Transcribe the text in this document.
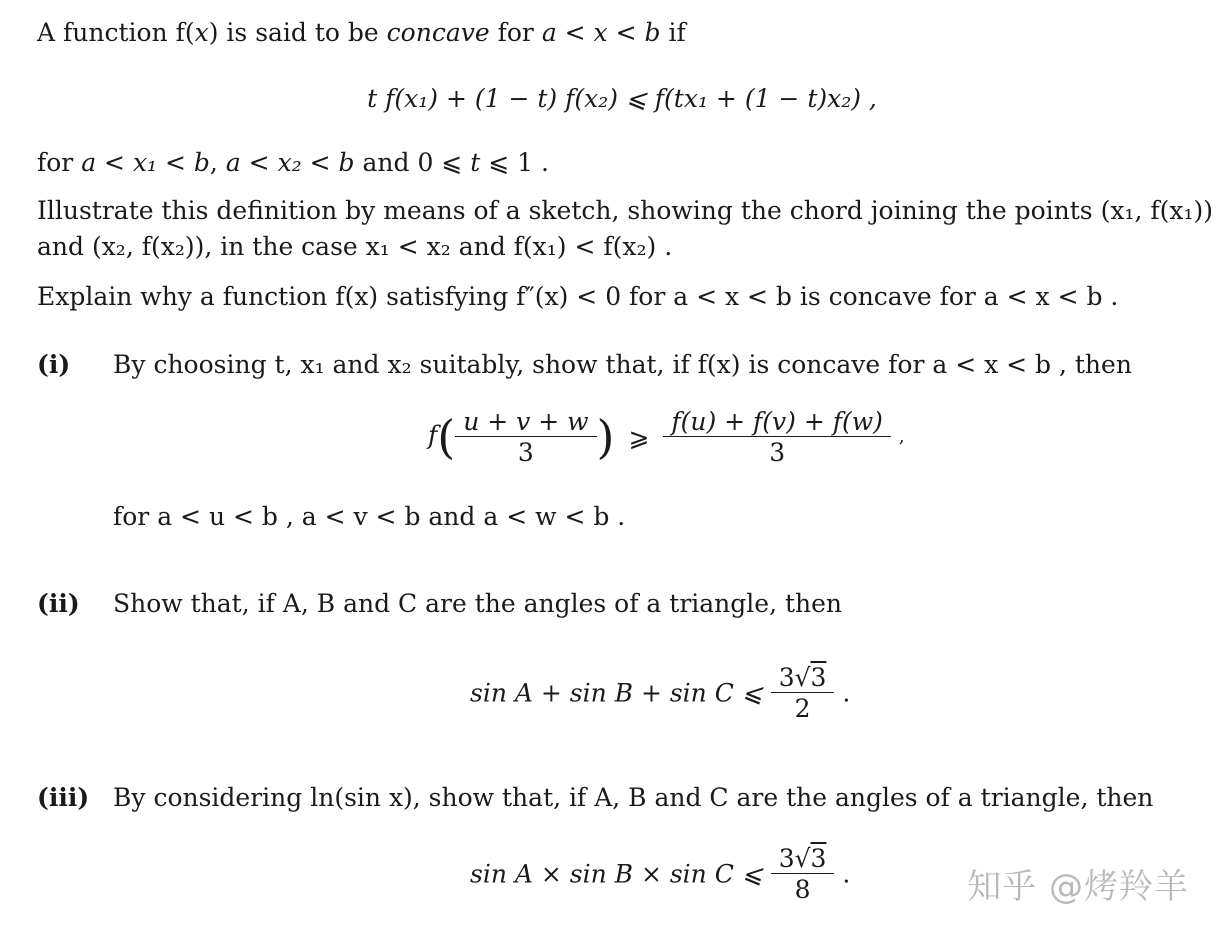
A function f(x) is said to be concave for a < x < b if
t f(x₁) + (1 − t) f(x₂) ⩽ f(tx₁ + (1 − t)x₂) ,
for a < x₁ < b, a < x₂ < b and 0 ⩽ t ⩽ 1 .
Illustrate this definition by means of a sketch, showing the chord joining the points (x₁, f(x₁))
and (x₂, f(x₂)), in the case x₁ < x₂ and f(x₁) < f(x₂) .
Explain why a function f(x) satisfying f″(x) < 0 for a < x < b is concave for a < x < b .
(i) By choosing t, x₁ and x₂ suitably, show that, if f(x) is concave for a < x < b , then
$f( \frac{u + v + w}{3}$ ) ⩾ $\frac{f(u) + f(v) + f(w)}{3}$ ,
for a < u < b , a < v < b and a < w < b .
(ii) Show that, if A, B and C are the angles of a triangle, then
sin A + sin B + sin C ⩽ $\frac{3√3}{2}$ .
(iii) By considering ln(sin x), show that, if A, B and C are the angles of a triangle, then
sin A × sin B × sin C ⩽ $\frac{3√3}{8}$ .	知乎 @烤羚羊
